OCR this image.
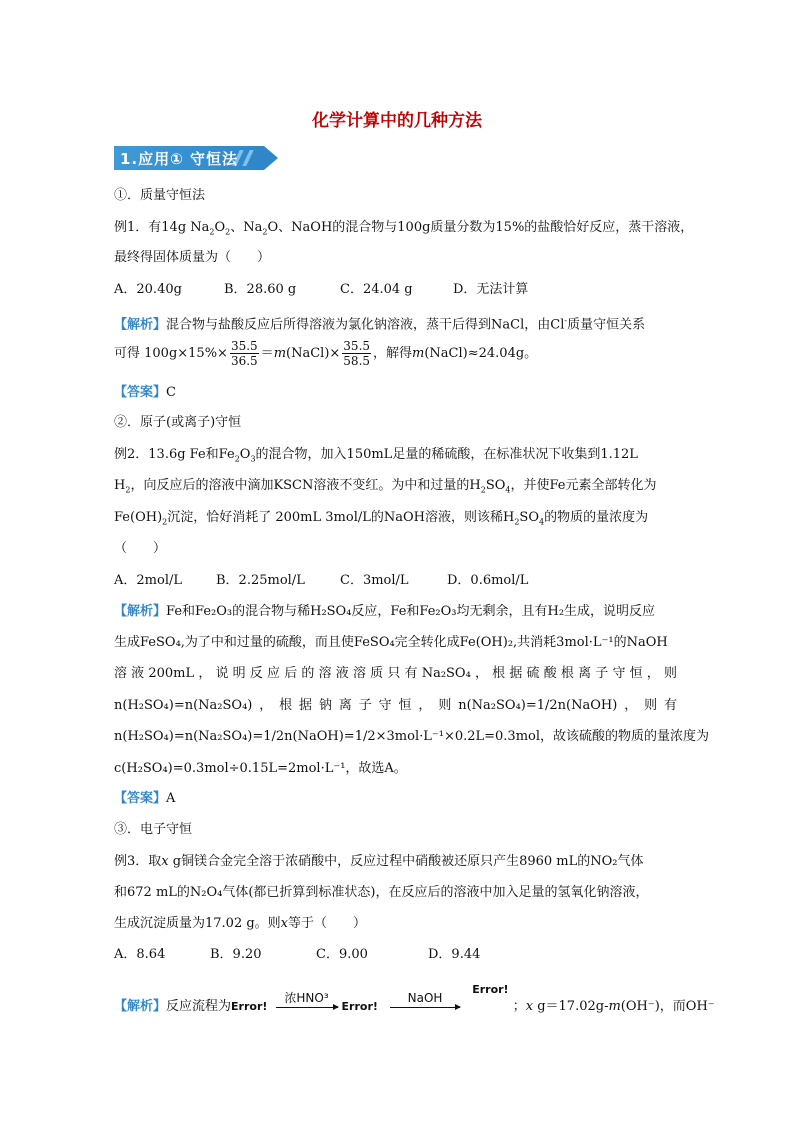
化学计算中的几种方法
1.应用① 守恒法
①．质量守恒法
例1．有14g $Na_2O_2$、$Na_2O$、NaOH的混合物与100g质量分数为15%的盐酸恰好反应，蒸干溶液，
最终得固体质量为（　　）
A．20.40g	B．28.60 g	C．24.04 g	D．无法计算
【解析】混合物与盐酸反应后所得溶液为氯化钠溶液，蒸干后得到NaCl，由Cl-质量守恒关系
可得 $100g\times 15\%\times \frac{35.5}{36.5}$ ＝m(NaCl)× $\frac{35.5}{58.5}$ ，解得m(NaCl)≈24.04g。
【答案】C
②．原子(或离子)守恒
例2．13.6g Fe和$Fe_2O_3$的混合物，加入150mL足量的稀硫酸，在标准状况下收集到1.12L
$H_2$，向反应后的溶液中滴加KSCN溶液不变红。为中和过量的$H_2SO_4$，并使Fe元素全部转化为
$Fe(OH)_2$沉淀，恰好消耗了 200mL 3mol/L的NaOH溶液，则该稀$H_2SO_4$的物质的量浓度为
（　　）
A．2mol/L	B．2.25mol/L	C．3mol/L	D．0.6mol/L
【解析】Fe和Fe₂O₃的混合物与稀H₂SO₄反应，Fe和Fe₂O₃均无剩余，且有H₂生成，说明反应
生成FeSO₄,为了中和过量的硫酸，而且使FeSO₄完全转化成Fe(OH)₂,共消耗3mol·L⁻¹的NaOH
溶液200mL，说明反应后的溶液溶质只有Na₂SO₄，根据硫酸根离子守恒，则
n(H₂SO₄)=n(Na₂SO₄)，根据钠离子守恒，则n(Na₂SO₄)=1/2n(NaOH)，则有
n(H₂SO₄)=n(Na₂SO₄)=1/2n(NaOH)=1/2×3mol·L⁻¹×0.2L=0.3mol，故该硫酸的物质的量浓度为
c(H₂SO₄)=0.3mol÷0.15L=2mol·L⁻¹，故选A。
【答案】A
③．电子守恒
例3．取x g铜镁合金完全溶于浓硝酸中，反应过程中硝酸被还原只产生8960 mL的NO₂气体
和672 mL的N₂O₄气体(都已折算到标准状态)，在反应后的溶液中加入足量的氢氧化钠溶液，
生成沉淀质量为17.02 g。则x等于（　　）
A．8.64	B．9.20	C．9.00	D．9.44
【解析】反应流程为Error!
浓HNO³
Error!
NaOH
$^{Error!}$ ；x g＝17.02g-m(OH⁻)，而OH⁻
